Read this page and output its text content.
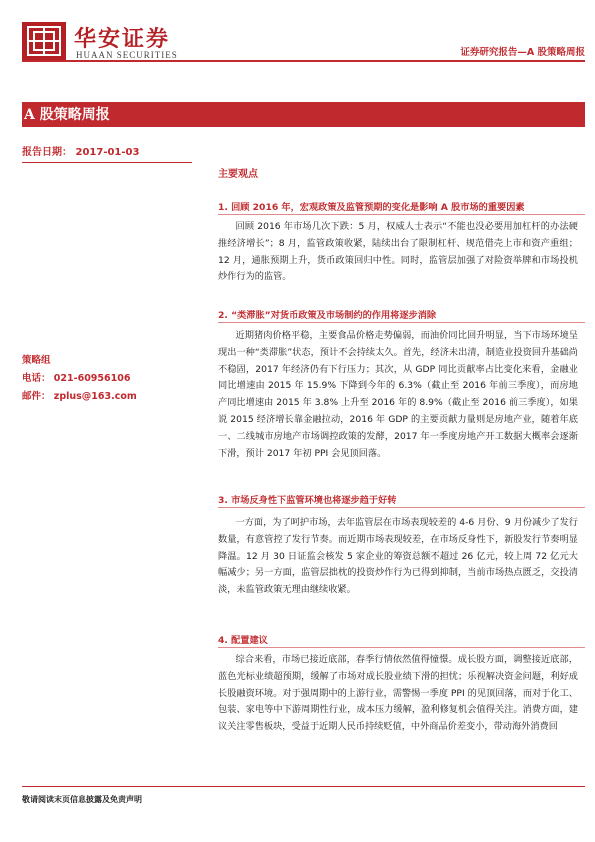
华安证券
HUAAN SECURITIES	证券研究报告—A 股策略周报
A 股策略周报
报告日期： 2017-01-03
策略组
电话： 021-60956106
邮件： zplus@163.com
主要观点
1. 回顾 2016 年，宏观政策及监管预期的变化是影响 A 股市场的重要因素
回顾 2016 年市场几次下跌：5 月，权威人士表示“不能也没必要用加杠杆的办法硬推经济增长”；8 月，监管政策收紧，陆续出台了限制杠杆、规范借壳上市和资产重组；12 月，通胀预期上升，货币政策回归中性。同时，监管层加强了对险资举牌和市场投机炒作行为的监管。
2. “类滞胀”对货币政策及市场制约的作用将逐步消除
近期猪肉价格平稳，主要食品价格走势偏弱，而油价同比回升明显，当下市场环境呈现出一种“类滞胀”状态，预计不会持续太久。首先，经济未出清，制造业投资回升基础尚不稳固，2017 年经济仍有下行压力；其次，从 GDP 同比贡献率占比变化来看，金融业同比增速由 2015 年 15.9% 下降到今年的 6.3%（截止至 2016 年前三季度），而房地产同比增速由 2015 年 3.8% 上升至 2016 年的 8.9%（截止至 2016 前三季度），如果说 2015 经济增长靠金融拉动，2016 年 GDP 的主要贡献力量则是房地产业，随着年底一、二线城市房地产市场调控政策的发酵，2017 年一季度房地产开工数据大概率会逐渐下滑，预计 2017 年初 PPI 会见顶回落。
3. 市场反身性下监管环境也将逐步趋于好转
一方面，为了呵护市场，去年监管层在市场表现较差的 4-6 月份、9 月份减少了发行数量，有意管控了发行节奏。而近期市场表现较差，在市场反身性下，新股发行节奏明显降温。12 月 30 日证监会核发 5 家企业的筹资总额不超过 26 亿元，较上周 72 亿元大幅减少；另一方面，监管层拙枕的投资炒作行为已得到抑制，当前市场热点匮乏，交投清淡，未监管政策无理由继续收紧。
4. 配置建议
综合来看，市场已接近底部，春季行情依然值得憧憬。成长股方面，调整接近底部，蓝色光标业绩超预期，缓解了市场对成长股业绩下滑的担忧；乐视解决资金问题，利好成长股融资环境。对于强周期中的上游行业，需警惕一季度 PPI 的见顶回落，而对于化工、包装、家电等中下游周期性行业，成本压力缓解，盈利修复机会值得关注。消费方面，建议关注零售板块，受益于近期人民币持续贬值，中外商品价差变小，带动海外消费回
敬请阅读末页信息披露及免责声明
